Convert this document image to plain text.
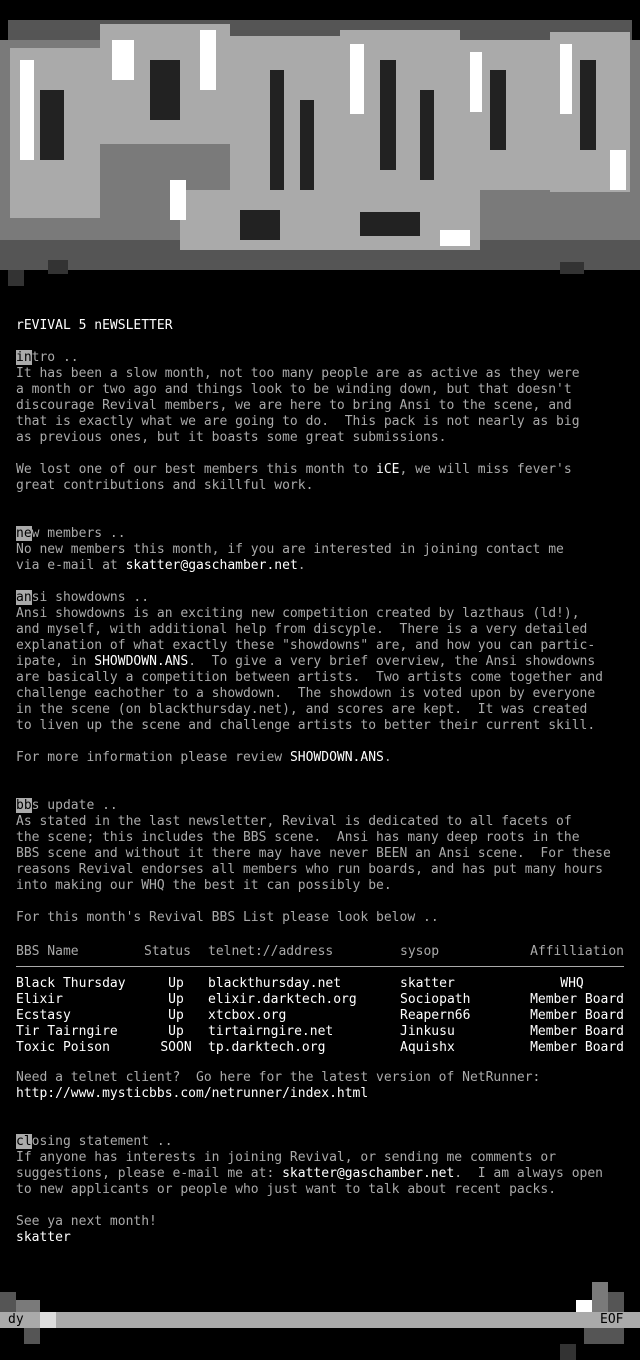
rEVIVAL 5 nEWSLETTER
intro ..
It has been a slow month, not too many people are as active as they were
a month or two ago and things look to be winding down, but that doesn't
discourage Revival members, we are here to bring Ansi to the scene, and
that is exactly what we are going to do.  This pack is not nearly as big
as previous ones, but it boasts some great submissions.
We lost one of our best members this month to iCE, we will miss fever's
great contributions and skillful work.
new members ..
No new members this month, if you are interested in joining contact me
via e-mail at skatter@gaschamber.net.
ansi showdowns ..
Ansi showdowns is an exciting new competition created by lazthaus (ld!),
and myself, with additional help from discyple.  There is a very detailed
explanation of what exactly these "showdowns" are, and how you can partic-
ipate, in SHOWDOWN.ANS.  To give a very brief overview, the Ansi showdowns
are basically a competition between artists.  Two artists come together and
challenge eachother to a showdown.  The showdown is voted upon by everyone
in the scene (on blackthursday.net), and scores are kept.  It was created
to liven up the scene and challenge artists to better their current skill.
For more information please review SHOWDOWN.ANS.
bbs update ..
As stated in the last newsletter, Revival is dedicated to all facets of
the scene; this includes the BBS scene.  Ansi has many deep roots in the
BBS scene and without it there may have never BEEN an Ansi scene.  For these
reasons Revival endorses all members who run boards, and has put many hours
into making our WHQ the best it can possibly be.
For this month's Revival BBS List please look below ..
BBS Name	Status	telnet://address	sysop	Affilliation

Black Thursday	Up	blackthursday.net	skatter	WHQ
Elixir	Up	elixir.darktech.org	Sociopath	Member Board
Ecstasy	Up	xtcbox.org	Reapern66	Member Board
Tir Tairngire	Up	tirtairngire.net	Jinkusu	Member Board
Toxic Poison	SOON	tp.darktech.org	Aquishx	Member Board
Need a telnet client?  Go here for the latest version of NetRunner:
http://www.mysticbbs.com/netrunner/index.html
closing statement ..
If anyone has interests in joining Revival, or sending me comments or
suggestions, please e-mail me at: skatter@gaschamber.net.  I am always open
to new applicants or people who just want to talk about recent packs.
See ya next month!
skatter
dy	EOF
